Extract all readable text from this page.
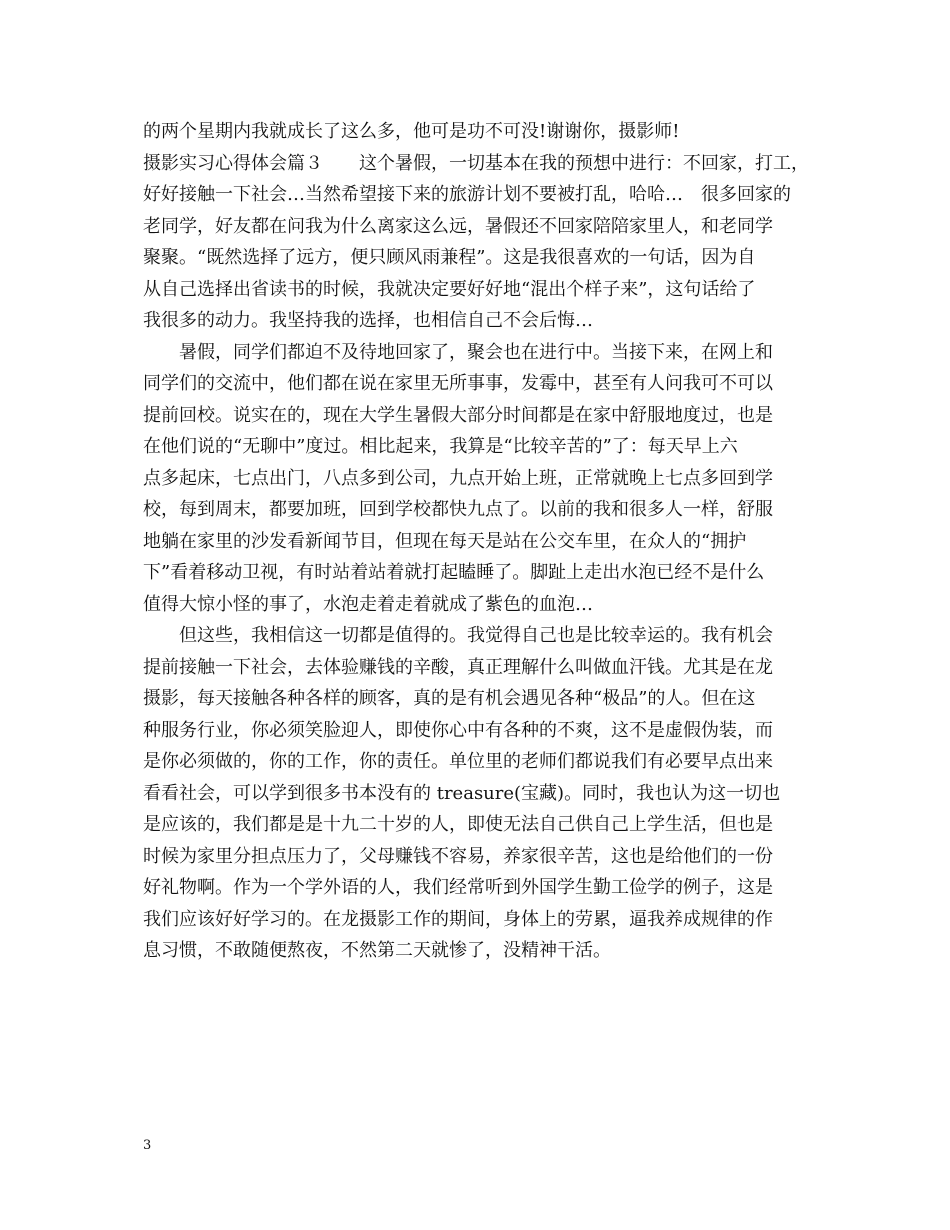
的两个星期内我就成长了这么多，他可是功不可没!谢谢你，摄影师!
摄影实习心得体会篇３　　这个暑假，一切基本在我的预想中进行：不回家，打工，
好好接触一下社会…当然希望接下来的旅游计划不要被打乱，哈哈…　很多回家的
老同学，好友都在问我为什么离家这么远，暑假还不回家陪陪家里人，和老同学
聚聚。“既然选择了远方，便只顾风雨兼程”。这是我很喜欢的一句话，因为自
从自己选择出省读书的时候，我就决定要好好地“混出个样子来”，这句话给了
我很多的动力。我坚持我的选择，也相信自己不会后悔…
暑假，同学们都迫不及待地回家了，聚会也在进行中。当接下来，在网上和
同学们的交流中，他们都在说在家里无所事事，发霉中，甚至有人问我可不可以
提前回校。说实在的，现在大学生暑假大部分时间都是在家中舒服地度过，也是
在他们说的“无聊中”度过。相比起来，我算是“比较辛苦的”了：每天早上六
点多起床，七点出门，八点多到公司，九点开始上班，正常就晚上七点多回到学
校，每到周末，都要加班，回到学校都快九点了。以前的我和很多人一样，舒服
地躺在家里的沙发看新闻节目，但现在每天是站在公交车里，在众人的“拥护
下”看着移动卫视，有时站着站着就打起瞌睡了。脚趾上走出水泡已经不是什么
值得大惊小怪的事了，水泡走着走着就成了紫色的血泡…
但这些，我相信这一切都是值得的。我觉得自己也是比较幸运的。我有机会
提前接触一下社会，去体验赚钱的辛酸，真正理解什么叫做血汗钱。尤其是在龙
摄影，每天接触各种各样的顾客，真的是有机会遇见各种“极品”的人。但在这
种服务行业，你必须笑脸迎人，即使你心中有各种的不爽，这不是虚假伪装，而
是你必须做的，你的工作，你的责任。单位里的老师们都说我们有必要早点出来
看看社会，可以学到很多书本没有的 treasure(宝藏)。同时，我也认为这一切也
是应该的，我们都是是十九二十岁的人，即使无法自己供自己上学生活，但也是
时候为家里分担点压力了，父母赚钱不容易，养家很辛苦，这也是给他们的一份
好礼物啊。作为一个学外语的人，我们经常听到外国学生勤工俭学的例子，这是
我们应该好好学习的。在龙摄影工作的期间，身体上的劳累，逼我养成规律的作
息习惯，不敢随便熬夜，不然第二天就惨了，没精神干活。
3
